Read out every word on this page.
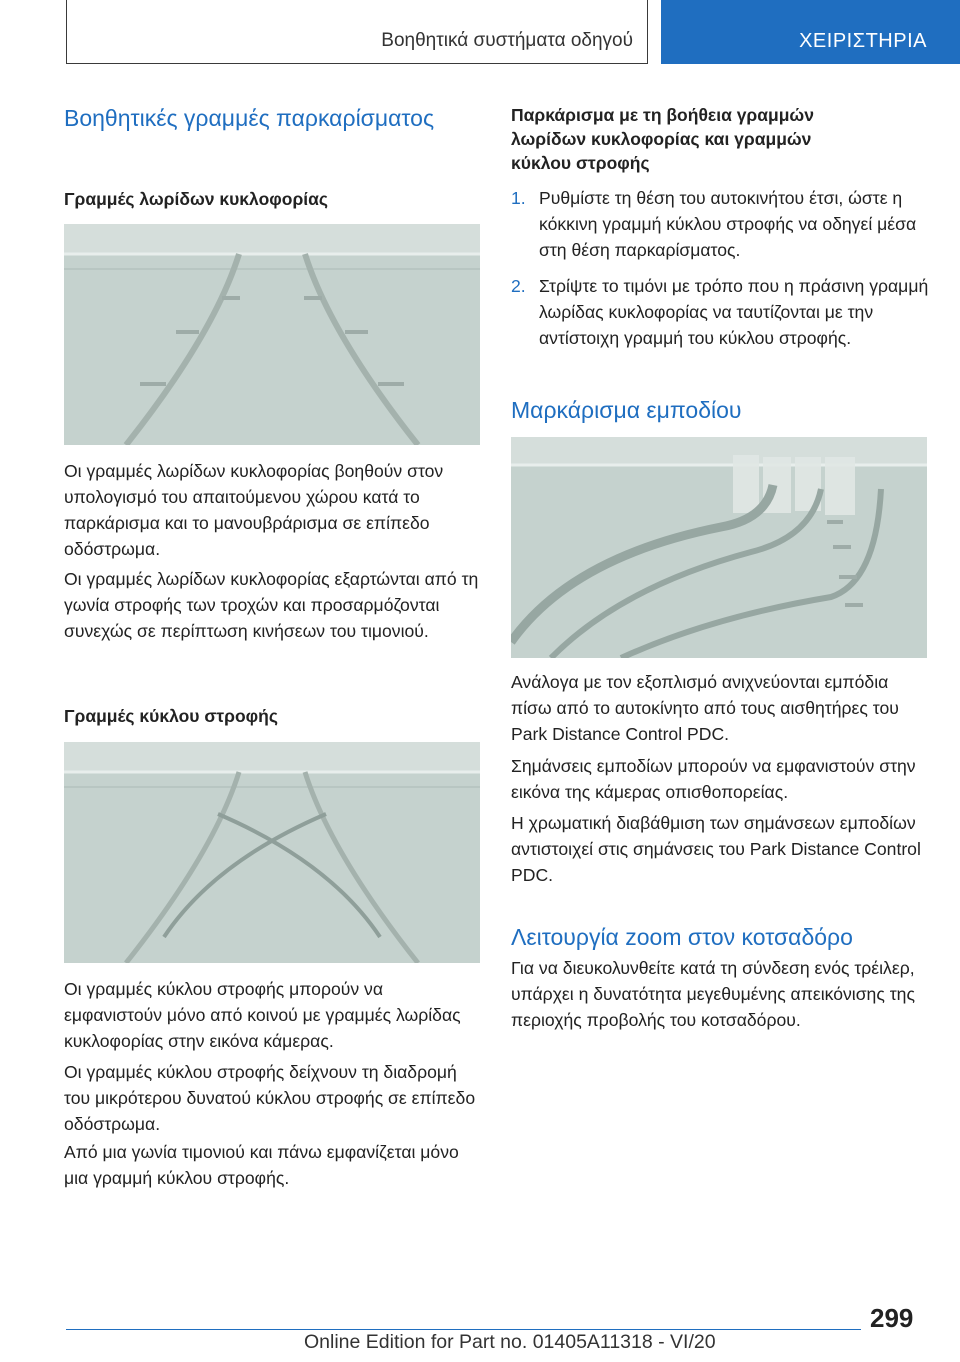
Βοηθητικά συστήματα οδηγού	ΧΕΙΡΙΣΤΗΡΙΑ
Βοηθητικές γραμμές παρκαρίσματος
Γραμμές λωρίδων κυκλοφορίας

Οι γραμμές λωρίδων κυκλοφορίας βοηθούν στον υπολογισμό του απαιτούμενου χώρου κατά το παρκάρισμα και το μανουβράρισμα σε επίπεδο οδόστρωμα.

Οι γραμμές λωρίδων κυκλοφορίας εξαρτώνται από τη γωνία στροφής των τροχών και προσαρμόζονται συνεχώς σε περίπτωση κινήσεων του τιμονιού.

Γραμμές κύκλου στροφής

Οι γραμμές κύκλου στροφής μπορούν να εμφανιστούν μόνο από κοινού με γραμμές λωρίδας κυκλοφορίας στην εικόνα κάμερας.

Οι γραμμές κύκλου στροφής δείχνουν τη διαδρομή του μικρότερου δυνατού κύκλου στροφής σε επίπεδο οδόστρωμα.

Από μια γωνία τιμονιού και πάνω εμφανίζεται μόνο μια γραμμή κύκλου στροφής.

Παρκάρισμα με τη βοήθεια γραμμών λωρίδων κυκλοφορίας και γραμμών κύκλου στροφής
1. Ρυθμίστε τη θέση του αυτοκινήτου έτσι, ώστε η κόκκινη γραμμή κύκλου στροφής να οδηγεί μέσα στη θέση παρκαρίσματος.
2. Στρίψτε το τιμόνι με τρόπο που η πράσινη γραμμή λωρίδας κυκλοφορίας να ταυτίζονται με την αντίστοιχη γραμμή του κύκλου στροφής.
Μαρκάρισμα εμποδίου

Ανάλογα με τον εξοπλισμό ανιχνεύονται εμπόδια πίσω από το αυτοκίνητο από τους αισθητήρες του Park Distance Control PDC.

Σημάνσεις εμποδίων μπορούν να εμφανιστούν στην εικόνα της κάμερας οπισθοπορείας.

Η χρωματική διαβάθμιση των σημάνσεων εμποδίων αντιστοιχεί στις σημάνσεις του Park Distance Control PDC.

Λειτουργία zoom στον κοτσαδόρο

Για να διευκολυνθείτε κατά τη σύνδεση ενός τρέιλερ, υπάρχει η δυνατότητα μεγεθυμένης απεικόνισης της περιοχής προβολής του κοτσαδόρου.

299
Online Edition for Part no. 01405A11318 - VI/20
